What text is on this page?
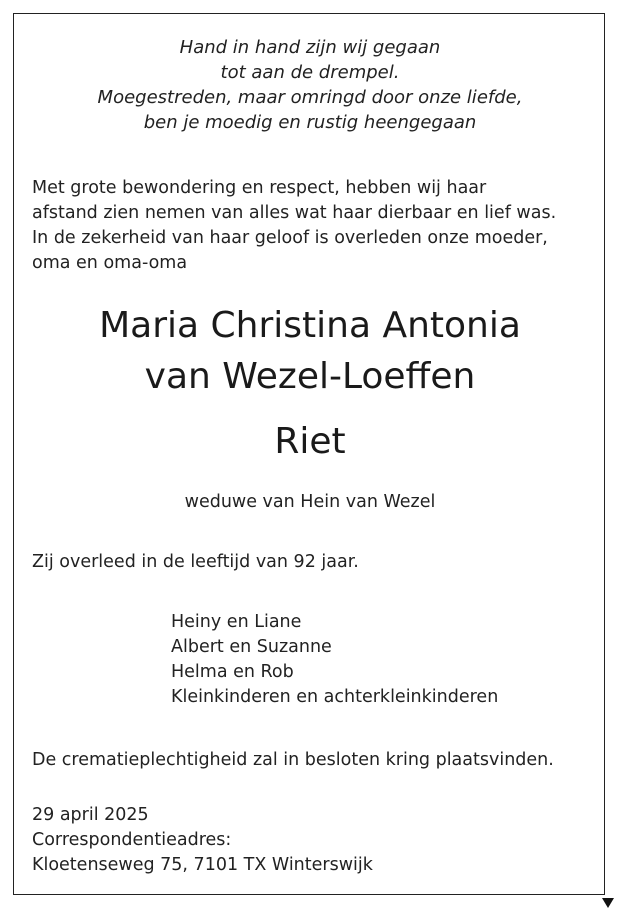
Hand in hand zijn wij gegaan
tot aan de drempel.
Moegestreden, maar omringd door onze liefde,
ben je moedig en rustig heengegaan
Met grote bewondering en respect, hebben wij haar
afstand zien nemen van alles wat haar dierbaar en lief was.
In de zekerheid van haar geloof is overleden onze moeder,
oma en oma-oma
Maria Christina Antonia
van Wezel-Loeffen
Riet
weduwe van Hein van Wezel
Zij overleed in de leeftijd van 92 jaar.
Heiny en Liane
Albert en Suzanne
Helma en Rob
Kleinkinderen en achterkleinkinderen
De crematieplechtigheid zal in besloten kring plaatsvinden.
29 april 2025
Correspondentieadres:
Kloetenseweg 75, 7101 TX Winterswijk
